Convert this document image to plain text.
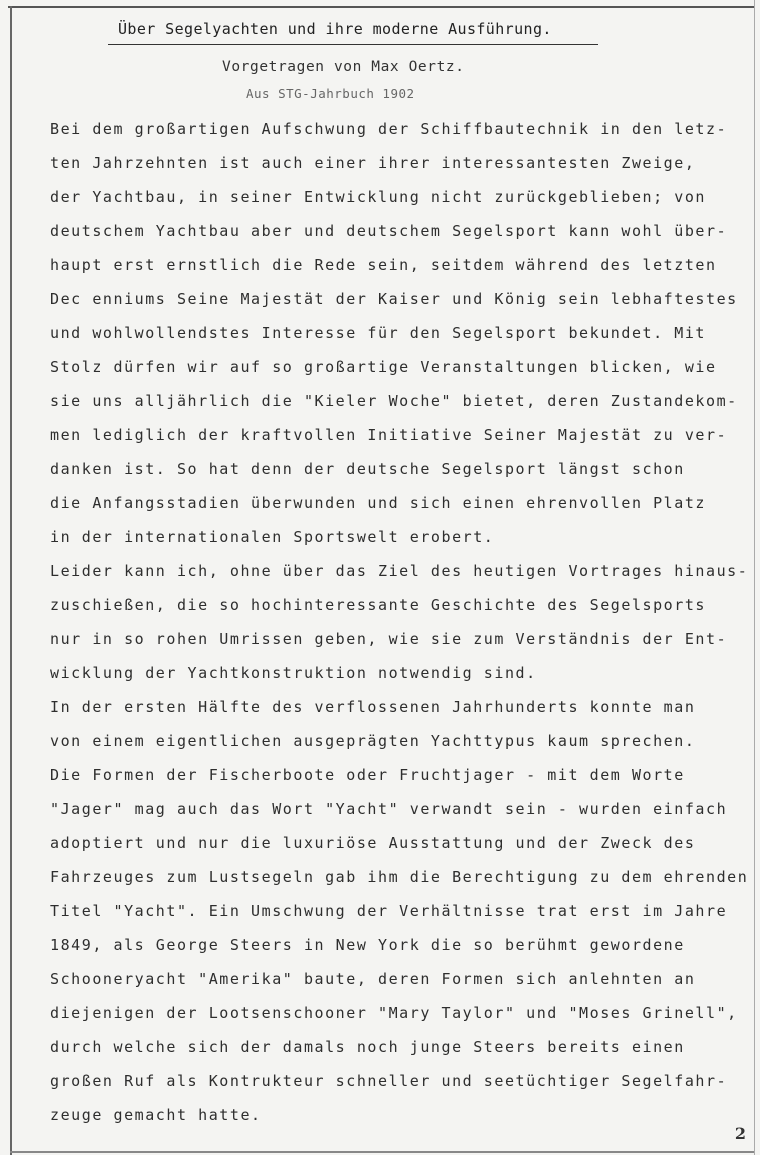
Über Segelyachten und ihre moderne Ausführung.
Vorgetragen von Max Oertz.
Aus STG-Jahrbuch 1902
Bei dem großartigen Aufschwung der Schiffbautechnik in den letz-
ten Jahrzehnten ist auch einer ihrer interessantesten Zweige,
der Yachtbau, in seiner Entwicklung nicht zurückgeblieben; von
deutschem Yachtbau aber und deutschem Segelsport kann wohl über-
haupt erst ernstlich die Rede sein, seitdem während des letzten
Dec enniums Seine Majestät der Kaiser und König sein lebhaftestes
und wohlwollendstes Interesse für den Segelsport bekundet. Mit
Stolz dürfen wir auf so großartige Veranstaltungen blicken, wie
sie uns alljährlich die "Kieler Woche" bietet, deren Zustandekom-
men lediglich der kraftvollen Initiative Seiner Majestät zu ver-
danken ist. So hat denn der deutsche Segelsport längst schon
die Anfangsstadien überwunden und sich einen ehrenvollen Platz
in der internationalen Sportswelt erobert.
Leider kann ich, ohne über das Ziel des heutigen Vortrages hinaus-
zuschießen, die so hochinteressante Geschichte des Segelsports
nur in so rohen Umrissen geben, wie sie zum Verständnis der Ent-
wicklung der Yachtkonstruktion notwendig sind.
In der ersten Hälfte des verflossenen Jahrhunderts konnte man
von einem eigentlichen ausgeprägten Yachttypus kaum sprechen.
Die Formen der Fischerboote oder Fruchtjager - mit dem Worte
"Jager" mag auch das Wort "Yacht" verwandt sein - wurden einfach
adoptiert und nur die luxuriöse Ausstattung und der Zweck des
Fahrzeuges zum Lustsegeln gab ihm die Berechtigung zu dem ehrenden
Titel "Yacht". Ein Umschwung der Verhältnisse trat erst im Jahre
1849, als George Steers in New York die so berühmt gewordene
Schooneryacht "Amerika" baute, deren Formen sich anlehnten an
diejenigen der Lootsenschooner "Mary Taylor" und "Moses Grinell",
durch welche sich der damals noch junge Steers bereits einen
großen Ruf als Kontrukteur schneller und seetüchtiger Segelfahr-
zeuge gemacht hatte.
2
